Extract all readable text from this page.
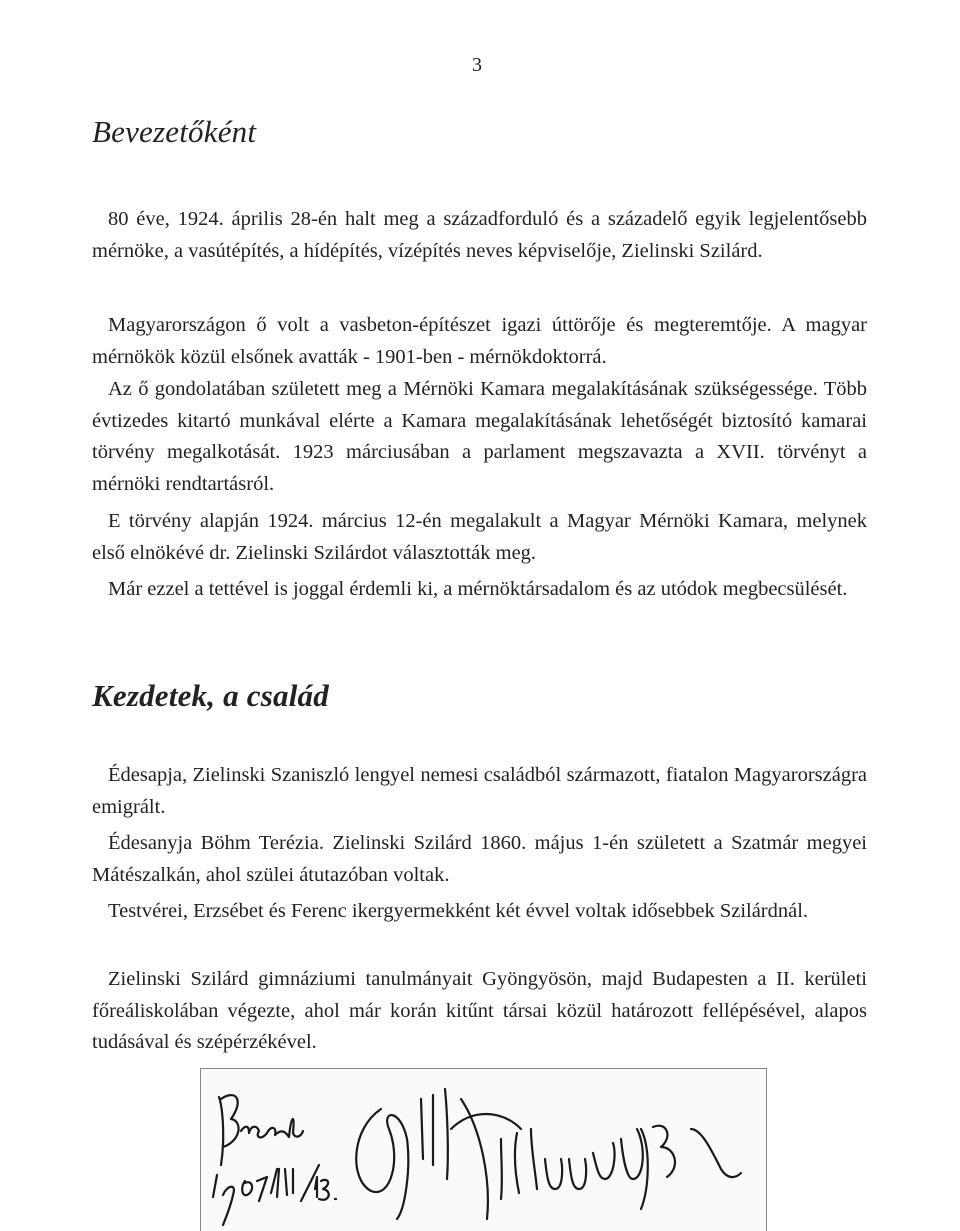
3
Bevezetőként

80 éve, 1924. április 28-én halt meg a századforduló és a századelő egyik legjelentősebb mérnöke, a vasútépítés, a hídépítés, vízépítés neves képviselője, Zielinski Szilárd.

Magyarországon ő volt a vasbeton-építészet igazi úttörője és megteremtője. A magyar mérnökök közül elsőnek avatták - 1901-ben - mérnökdoktorrá.

Az ő gondolatában született meg a Mérnöki Kamara megalakításának szükségessége. Több évtizedes kitartó munkával elérte a Kamara megalakításának lehetőségét biztosító kamarai törvény megalkotását. 1923 márciusában a parlament megszavazta a XVII. törvényt a mérnöki rendtartásról.

E törvény alapján 1924. március 12-én megalakult a Magyar Mérnöki Kamara, melynek első elnökévé dr. Zielinski Szilárdot választották meg.

Már ezzel a tettével is joggal érdemli ki, a mérnöktársadalom és az utódok megbecsülését.

Kezdetek, a család

Édesapja, Zielinski Szaniszló lengyel nemesi családból származott, fiatalon Magyarországra emigrált.

Édesanyja Böhm Terézia. Zielinski Szilárd 1860. május 1-én született a Szatmár megyei Mátészalkán, ahol szülei átutazóban voltak.

Testvérei, Erzsébet és Ferenc ikergyermekként két évvel voltak idősebbek Szilárdnál.

Zielinski Szilárd gimnáziumi tanulmányait Gyöngyösön, majd Budapesten a II. kerületi főreáliskolában végezte, ahol már korán kitűnt társai közül határozott fellépésével, alapos tudásával és szépérzékével.
